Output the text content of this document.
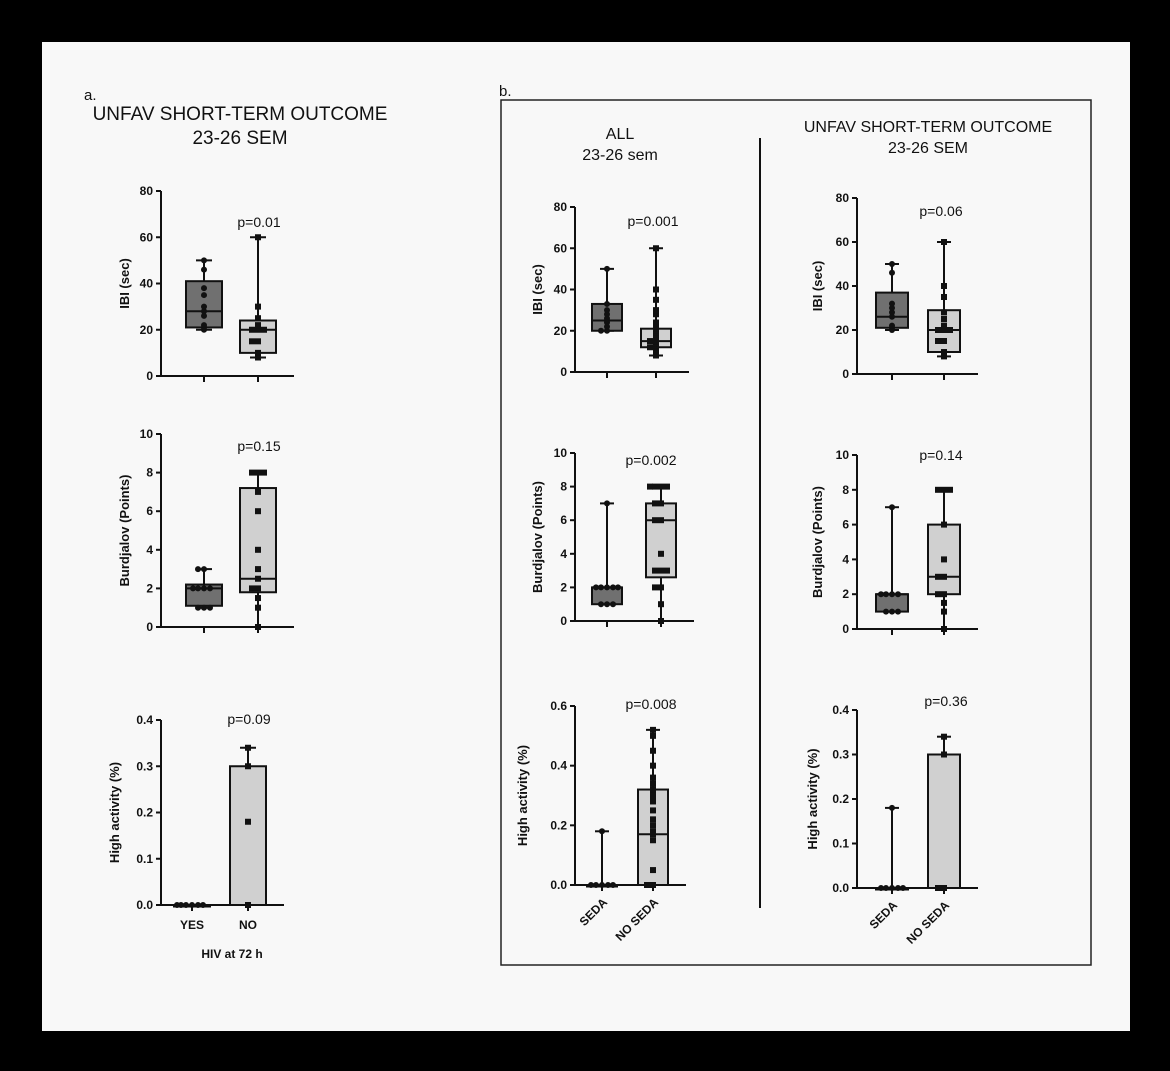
a.
UNFAV SHORT-TERM OUTCOME
23-26 SEM
b.
ALL
23-26 sem
UNFAV SHORT-TERM OUTCOME
23-26 SEM
HIV at 72 h
0
20
40
60
80
IBI (sec)
p=0.01
0
2
4
6
8
10
Burdjalov (Points)
p=0.15
0.0
0.1
0.2
0.3
0.4
High activity (%)
p=0.09
YES	NO
0
20
40
60
80
IBI (sec)
p=0.001
0
2
4
6
8
10
Burdjalov (Points)
p=0.002
0.0
0.2
0.4
0.6
High activity (%)
p=0.008
SEDA NO SEDA
0
20
40
60
80
IBI (sec)
p=0.06
0
2
4
6
8
10
Burdjalov (Points)
p=0.14
0.0
0.1
0.2
0.3
0.4
High activity (%)
p=0.36
SEDA NO SEDA
